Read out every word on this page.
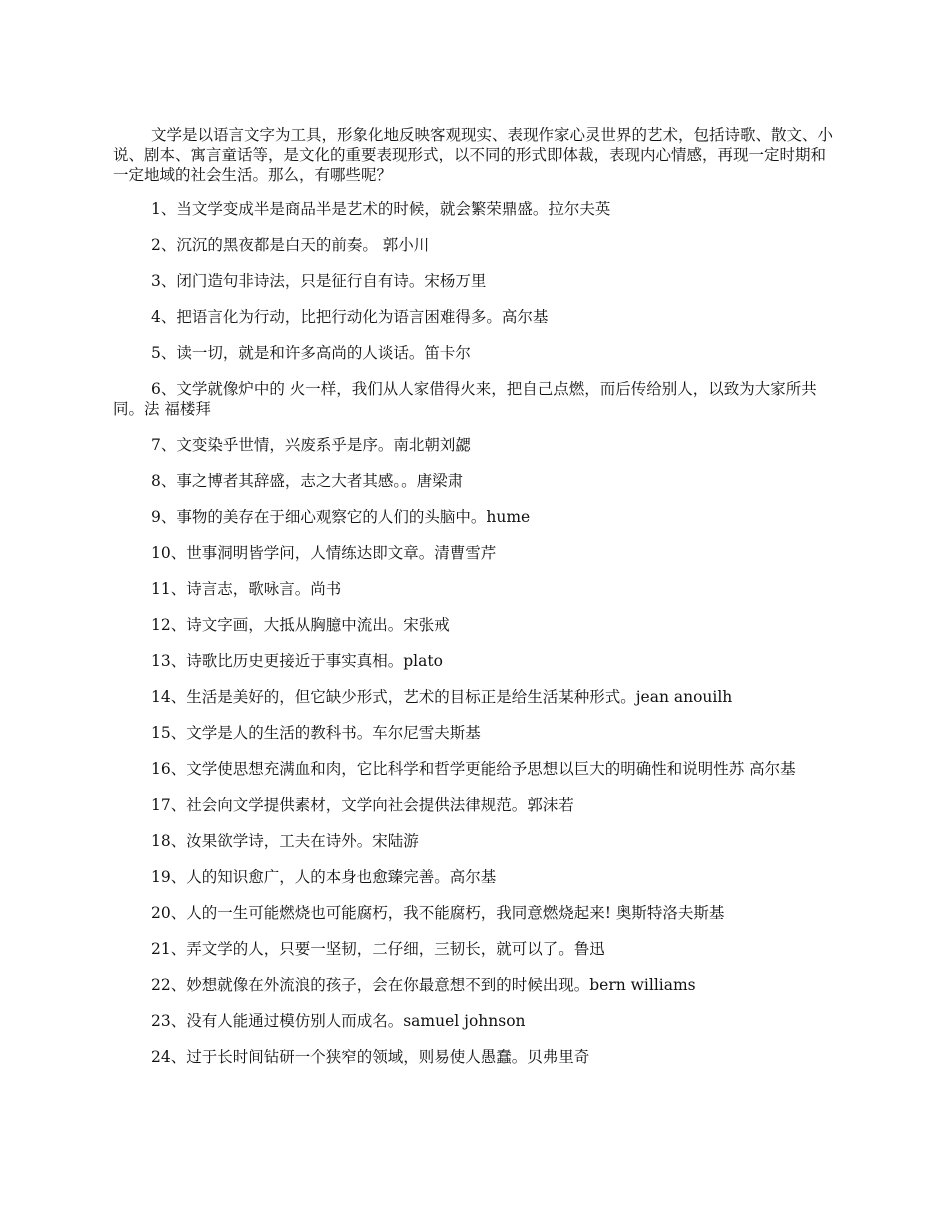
文学是以语言文字为工具，形象化地反映客观现实、表现作家心灵世界的艺术，包括诗歌、散文、小说、剧本、寓言童话等，是文化的重要表现形式，以不同的形式即体裁，表现内心情感，再现一定时期和一定地域的社会生活。那么，有哪些呢？

1、当文学变成半是商品半是艺术的时候，就会繁荣鼎盛。拉尔夫英
2、沉沉的黑夜都是白天的前奏。 郭小川
3、闭门造句非诗法，只是征行自有诗。宋杨万里
4、把语言化为行动，比把行动化为语言困难得多。高尔基
5、读一切，就是和许多高尚的人谈话。笛卡尔
6、文学就像炉中的 火一样，我们从人家借得火来，把自己点燃，而后传给别人，以致为大家所共同。法 福楼拜
7、文变染乎世情，兴废系乎是序。南北朝刘勰
8、事之博者其辞盛，志之大者其感。。唐梁肃
9、事物的美存在于细心观察它的人们的头脑中。hume
10、世事洞明皆学问，人情练达即文章。清曹雪芹
11、诗言志，歌咏言。尚书
12、诗文字画，大抵从胸臆中流出。宋张戒
13、诗歌比历史更接近于事实真相。plato
14、生活是美好的，但它缺少形式，艺术的目标正是给生活某种形式。jean anouilh
15、文学是人的生活的教科书。车尔尼雪夫斯基
16、文学使思想充满血和肉，它比科学和哲学更能给予思想以巨大的明确性和说明性苏 高尔基
17、社会向文学提供素材，文学向社会提供法律规范。郭沫若
18、汝果欲学诗，工夫在诗外。宋陆游
19、人的知识愈广，人的本身也愈臻完善。高尔基
20、人的一生可能燃烧也可能腐朽，我不能腐朽，我同意燃烧起来! 奥斯特洛夫斯基
21、弄文学的人，只要一坚韧，二仔细，三韧长，就可以了。鲁迅
22、妙想就像在外流浪的孩子，会在你最意想不到的时候出现。bern williams
23、没有人能通过模仿别人而成名。samuel johnson
24、过于长时间钻研一个狭窄的领域，则易使人愚蠢。贝弗里奇
